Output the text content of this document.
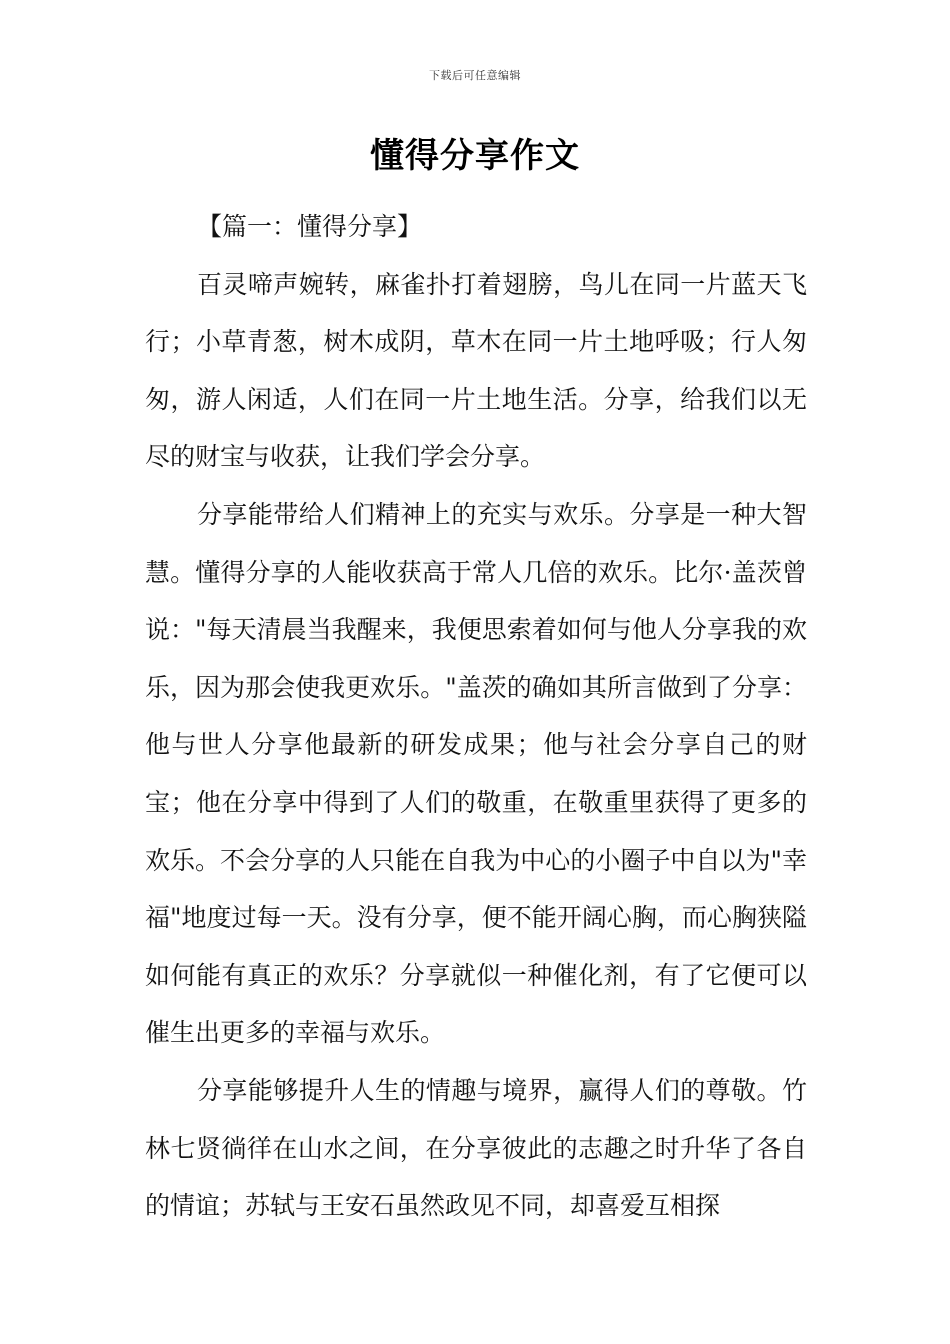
下载后可任意编辑
懂得分享作文
【篇一：懂得分享】

百灵啼声婉转，麻雀扑打着翅膀，鸟儿在同一片蓝天飞行；小草青葱，树木成阴，草木在同一片土地呼吸；行人匆匆，游人闲适，人们在同一片土地生活。分享，给我们以无尽的财宝与收获，让我们学会分享。

分享能带给人们精神上的充实与欢乐。分享是一种大智慧。懂得分享的人能收获高于常人几倍的欢乐。比尔·盖茨曾说："每天清晨当我醒来，我便思索着如何与他人分享我的欢乐，因为那会使我更欢乐。"盖茨的确如其所言做到了分享：他与世人分享他最新的研发成果；他与社会分享自己的财宝；他在分享中得到了人们的敬重，在敬重里获得了更多的欢乐。不会分享的人只能在自我为中心的小圈子中自以为"幸福"地度过每一天。没有分享，便不能开阔心胸，而心胸狭隘如何能有真正的欢乐？分享就似一种催化剂，有了它便可以催生出更多的幸福与欢乐。

分享能够提升人生的情趣与境界，赢得人们的尊敬。竹林七贤徜徉在山水之间，在分享彼此的志趣之时升华了各自的情谊；苏轼与王安石虽然政见不同，却喜爱互相探
